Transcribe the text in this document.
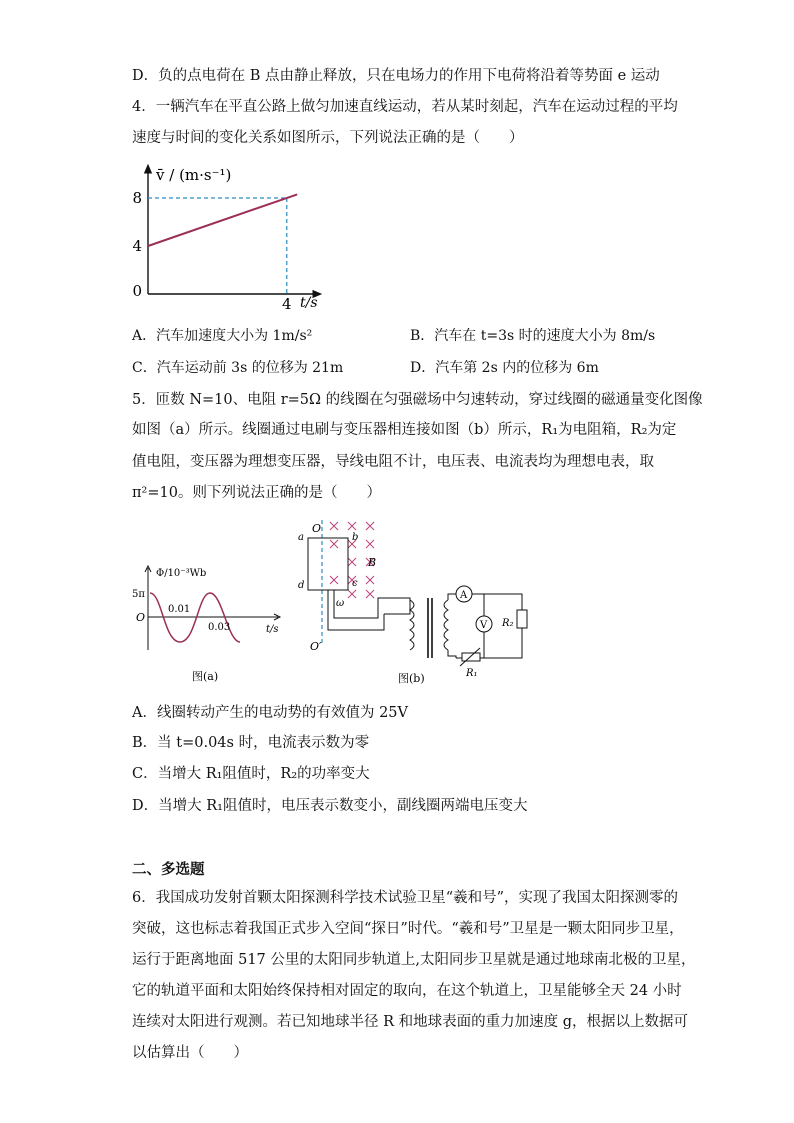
D．负的点电荷在 B 点由静止释放，只在电场力的作用下电荷将沿着等势面 e 运动
4．一辆汽车在平直公路上做匀加速直线运动，若从某时刻起，汽车在运动过程的平均
速度与时间的变化关系如图所示，下列说法正确的是（　　）
0
4
8
4
v̄ / (m·s⁻¹)
t/s
A．汽车加速度大小为 1m/s²	B．汽车在 t=3s 时的速度大小为 8m/s
C．汽车运动前 3s 的位移为 21m	D．汽车第 2s 内的位移为 6m
5．匝数 N=10、电阻 r=5Ω 的线圈在匀强磁场中匀速转动，穿过线圈的磁通量变化图像
如图（a）所示。线圈通过电刷与变压器相连接如图（b）所示，R₁为电阻箱，R₂为定
值电阻，变压器为理想变压器，导线电阻不计，电压表、电流表均为理想电表，取
π²=10。则下列说法正确的是（　　）
Φ/10⁻³Wb
5π
O
0.01
0.03	t/s
图(a)
O
O′
a	b
c
d
B
ω
A
V R₂
R₁
图(b)
A．线圈转动产生的电动势的有效值为 25V
B．当 t=0.04s 时，电流表示数为零
C．当增大 R₁阻值时，R₂的功率变大
D．当增大 R₁阻值时，电压表示数变小，副线圈两端电压变大
二、多选题
6．我国成功发射首颗太阳探测科学技术试验卫星“羲和号”，实现了我国太阳探测零的
突破，这也标志着我国正式步入空间“探日”时代。“羲和号”卫星是一颗太阳同步卫星，
运行于距离地面 517 公里的太阳同步轨道上,太阳同步卫星就是通过地球南北极的卫星，
它的轨道平面和太阳始终保持相对固定的取向，在这个轨道上，卫星能够全天 24 小时
连续对太阳进行观测。若已知地球半径 R 和地球表面的重力加速度 g，根据以上数据可
以估算出（　　）
